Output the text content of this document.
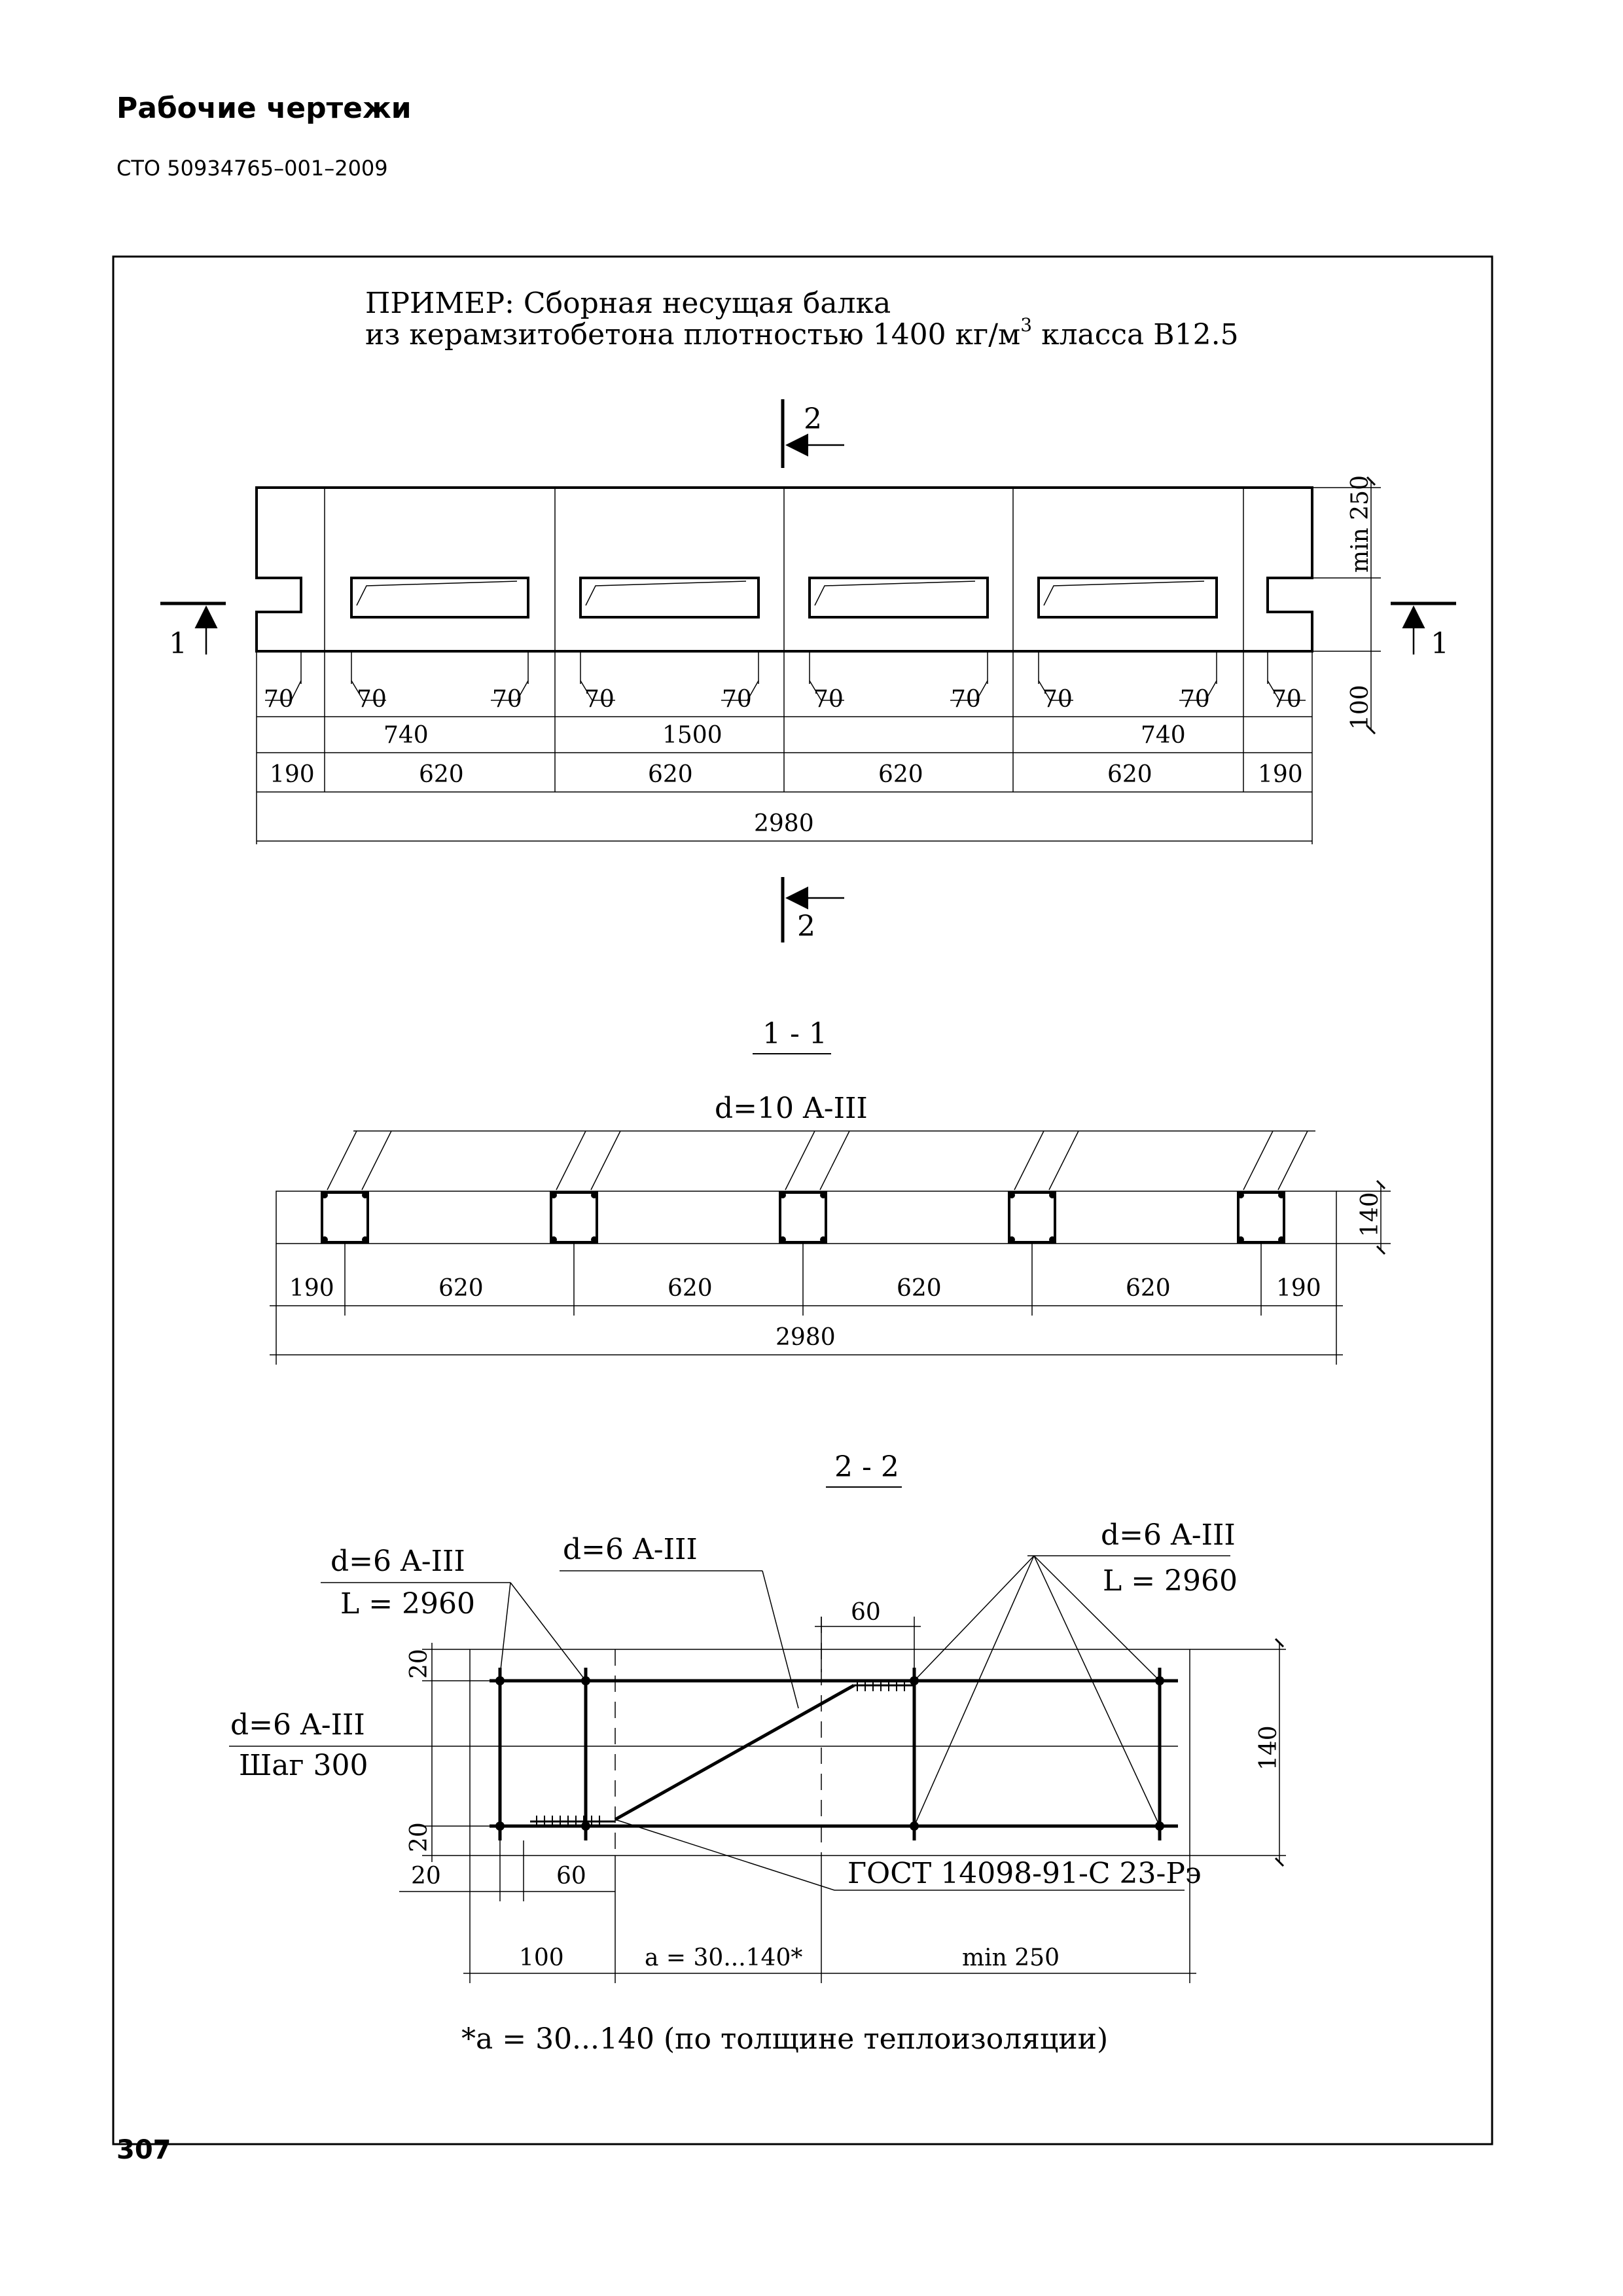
Рабочие чертежи
СТО 50934765–001–2009
ПРИМЕР: Сборная несущая балка
из керамзитобетона плотностью 1400 $кг/м^3$ класса В12.5
70	70	70	70	70	70	70	70	70	70
740	1500	740
190	620	620	620	620	190
2980
min 250
100
2
2
1	1
1 - 1
d=10 A-III
140
190	620	620	620	620	190
2980
2 - 2
d=6 A-III
L = 2960
d=6 A-III	d=6 A-III
L = 2960
d=6 A-III
Шаг 300
ГОСТ 14098-91-С 23-Рэ
60
140
20
20
20	60
100	a = 30...140*	min 250
*a = 30...140 (по толщине теплоизоляции)
307
